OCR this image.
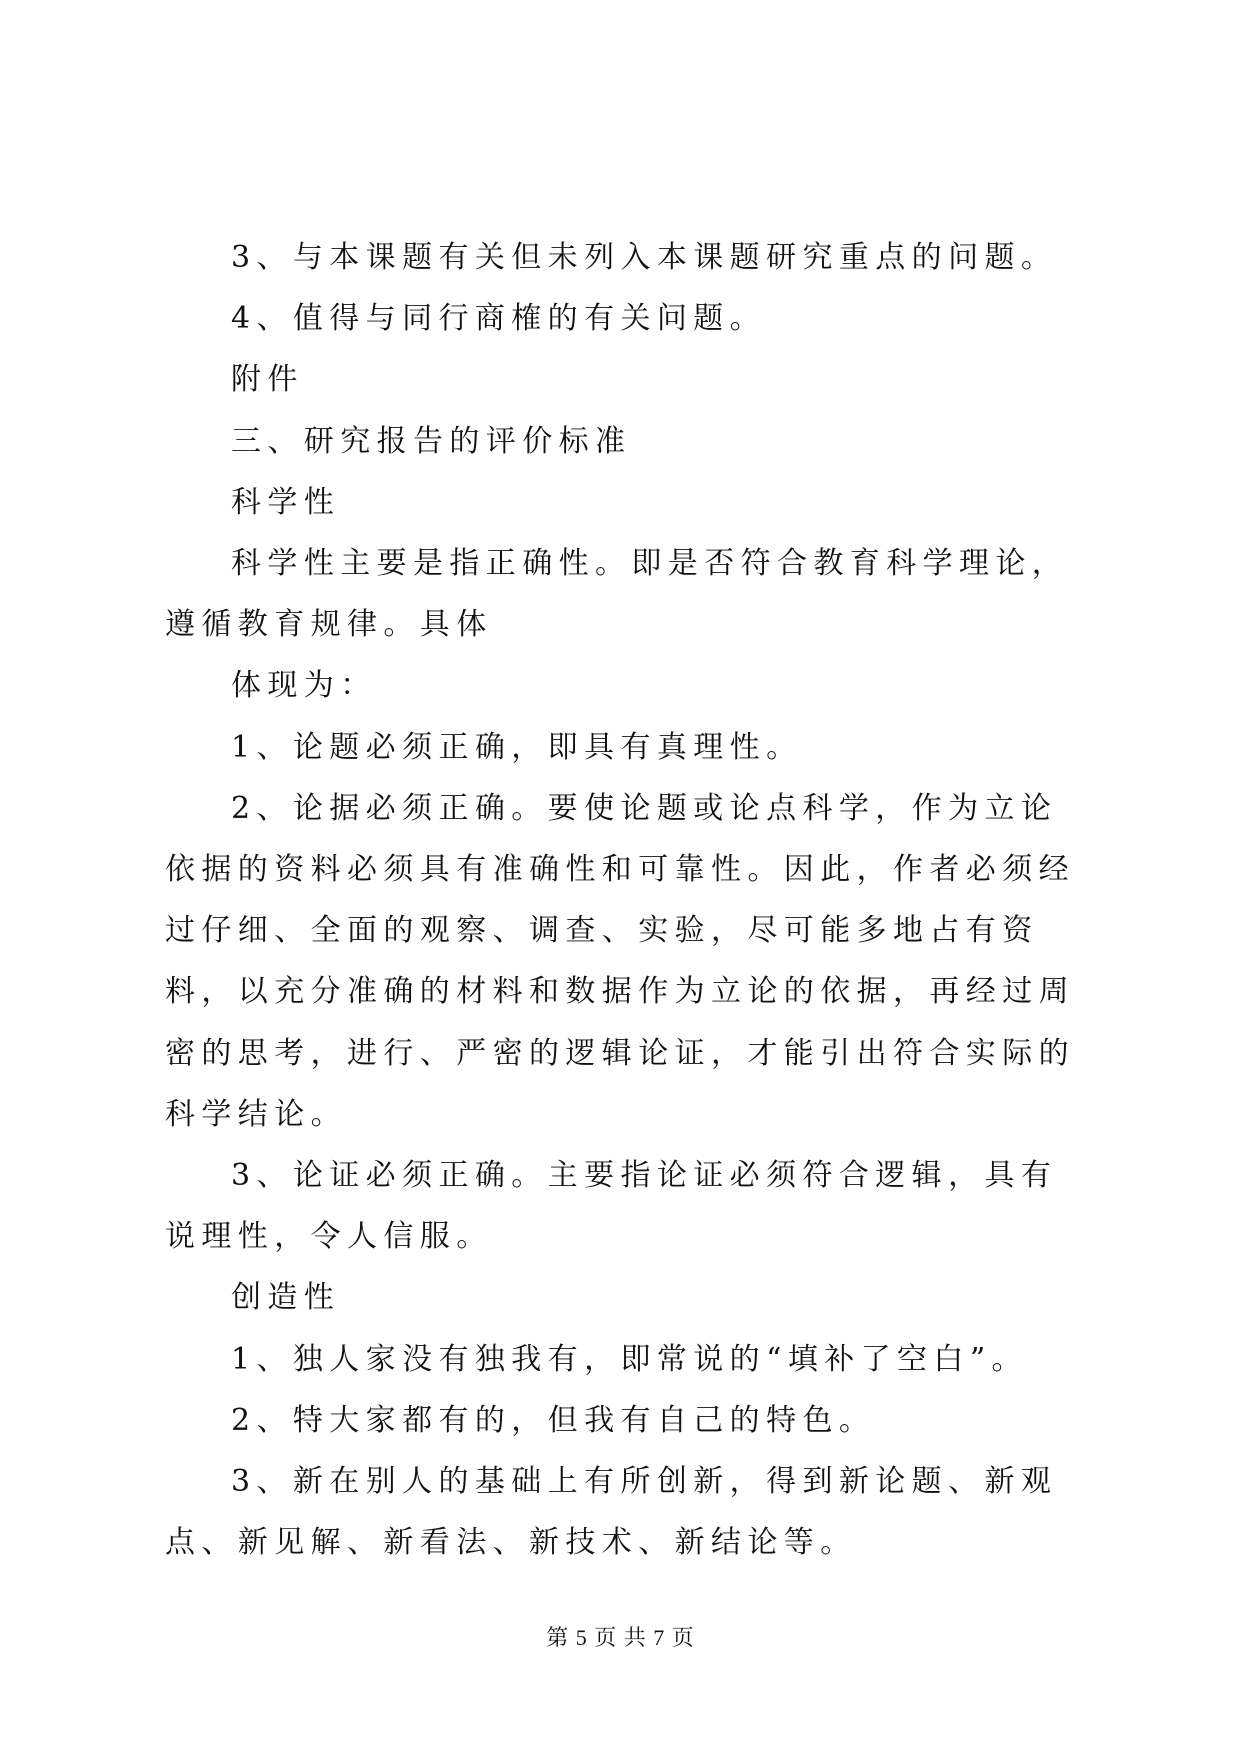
3、与本课题有关但未列入本课题研究重点的问题。

4、值得与同行商榷的有关问题。

附件

三、研究报告的评价标准

科学性

科学性主要是指正确性。即是否符合教育科学理论，遵循教育规律。具体

体现为：

1、论题必须正确，即具有真理性。

2、论据必须正确。要使论题或论点科学，作为立论依据的资料必须具有准确性和可靠性。因此，作者必须经过仔细、全面的观察、调查、实验，尽可能多地占有资料，以充分准确的材料和数据作为立论的依据，再经过周密的思考，进行、严密的逻辑论证，才能引出符合实际的科学结论。

3、论证必须正确。主要指论证必须符合逻辑，具有说理性，令人信服。

创造性

1、独人家没有独我有，即常说的“填补了空白”。

2、特大家都有的，但我有自己的特色。

3、新在别人的基础上有所创新，得到新论题、新观点、新见解、新看法、新技术、新结论等。

第 5 页 共 7 页
